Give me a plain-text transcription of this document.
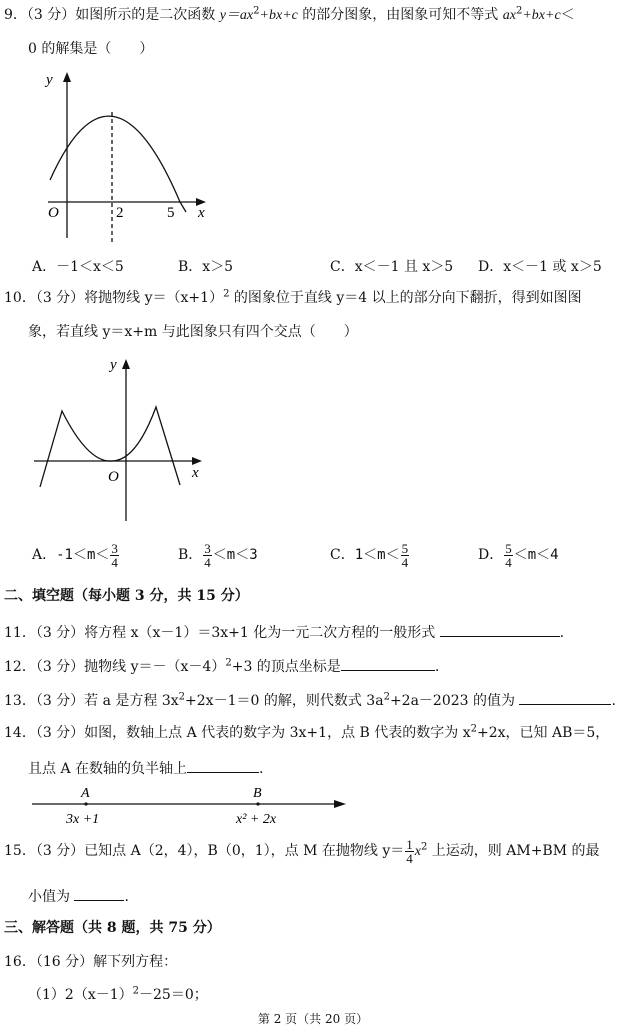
9．（3 分）如图所示的是二次函数 $y=ax^2+bx+c$ 的部分图象，由图象可知不等式 $ax^2+bx+c<$
0 的解集是（　　）
y
x
O	2	5
A．－1＜x＜5	B．x＞5	C．x＜－1 且 x＞5 D．x＜－1 或 x＞5
10．（3 分）将抛物线 $y=(x+1)^2$ 的图象位于直线 y＝4 以上的部分向下翻折，得到如图图
象，若直线 y＝x+m 与此图象只有四个交点（　　）
y
x
O
A．$-1<m< \frac{3}{4}$	B． $\frac{3}{4} <m<3$	C．$1<m< \frac{5}{4}$	D． $\frac{5}{4} <m<4$
二、填空题（每小题 3 分，共 15 分）
11．（3 分）将方程 x（x－1）＝3x+1 化为一元二次方程的一般形式	.
12．（3 分）抛物线 $y=-(x-4)^2+3$ 的顶点坐标是	.
13．（3 分）若 a 是方程 $3x^2+2x-1=0$ 的解，则代数式 $3a^2+2a-2023$ 的值为	.
14．（3 分）如图，数轴上点 A 代表的数字为 3x+1，点 B 代表的数字为 $x^2+2x$，已知 AB＝5，
且点 A 在数轴的负半轴上	.
A	B
3x +1	x² + 2x
15．（3 分）已知点 A（2，4），B（0，1），点 M 在抛物线 $y= \frac{1}{4} x^2$ 上运动，则 AM+BM 的最
小值为	.
三、解答题（共 8 题，共 75 分）
16．（16 分）解下列方程：
$(1)2(x-1)^2-25=0$；
第 2 页（共 20 页）
